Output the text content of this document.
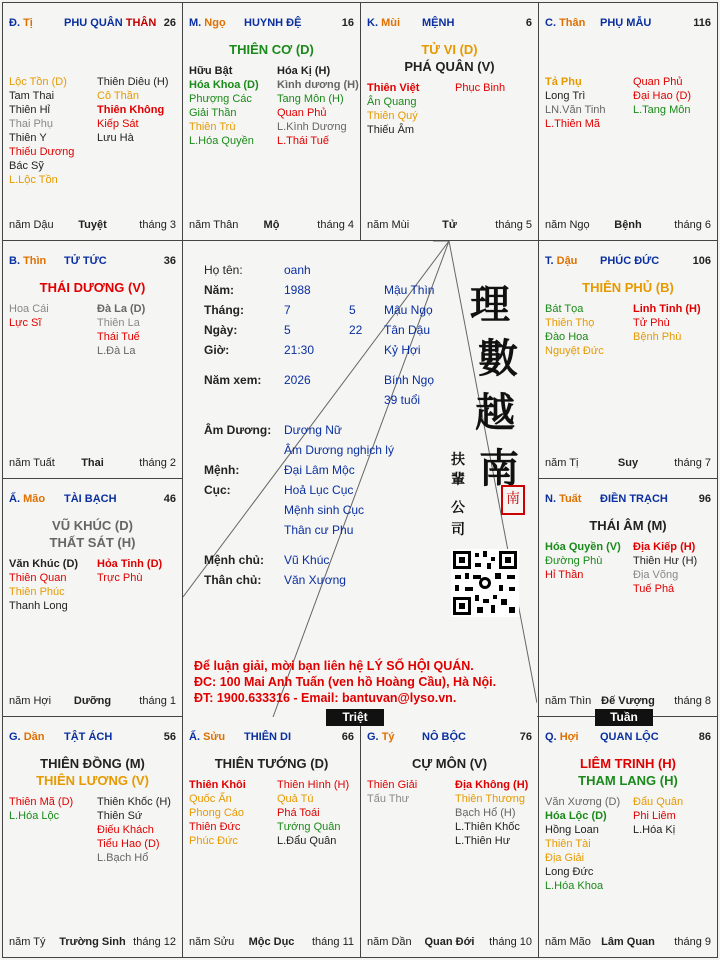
Đ. Tị	PHU QUÂN THÂN 26
Lộc Tồn (D)
Tam Thai
Thiên Hỉ
Thai Phụ
Thiên Y
Thiếu Dương
Bác Sỹ
L.Lộc Tồn
Thiên Diêu (H)
Cô Thần
Thiên Không
Kiếp Sát
Lưu Hà
năm Dậu	Tuyệt	tháng 3
M. Ngọ HUYNH ĐỆ	16
THIÊN CƠ (D)
Hữu Bật
Hóa Khoa (D)
Phượng Các
Giải Thần
Thiên Trù
L.Hóa Quyền
Hóa Kị (H)
Kình dương (H)
Tang Môn (H)
Quan Phủ
L.Kình Dương
L.Thái Tuế
năm Thân	Mộ	tháng 4
K. Mùi MỆNH	6
TỬ VI (D)
PHÁ QUÂN (V)
Thiên Việt
Ân Quang
Thiên Quý
Thiếu Âm
Phục Binh
năm Mùi	Tử	tháng 5
C. Thân PHỤ MẪU	116
Tả Phụ
Long Trì
LN.Văn Tinh
L.Thiên Mã
Quan Phủ
Đại Hao (D)
L.Tang Môn
năm Ngọ	Bệnh	tháng 6
B. Thìn TỬ TỨC	36
THÁI DƯƠNG (V)
Hoa Cái
Lực Sĩ
Đà La (D)
Thiên La
Thái Tuế
L.Đà La
năm Tuất	Thai	tháng 2
T. Dậu PHÚC ĐỨC	106
THIÊN PHỦ (B)
Bát Tọa
Thiên Thọ
Đào Hoa
Nguyệt Đức
Linh Tinh (H)
Tử Phù
Bệnh Phù
năm Tị	Suy	tháng 7
Ấ. Mão TÀI BẠCH	46
VŨ KHÚC (D)
THẤT SÁT (H)
Văn Khúc (D)
Thiên Quan
Thiên Phúc
Thanh Long
Hỏa Tinh (D)
Trực Phù
năm Hợi	Dưỡng	tháng 1
N. Tuất ĐIỀN TRẠCH	96
THÁI ÂM (M)
Hóa Quyền (V)
Đường Phù
Hỉ Thần
Địa Kiếp (H)
Thiên Hư (H)
Địa Võng
Tuế Phá
năm Thìn Đế Vượng	tháng 8
G. Dần TẬT ÁCH	56
THIÊN ĐỒNG (M)
THIÊN LƯƠNG (V)
Thiên Mã (D)
L.Hóa Lộc
Thiên Khốc (H)
Thiên Sứ
Điếu Khách
Tiểu Hao (D)
L.Bạch Hổ
năm Tý	Trường Sinh tháng 12
Ấ. Sửu THIÊN DI	66
THIÊN TƯỚNG (D)
Thiên Khôi
Quốc Ấn
Phong Cáo
Thiên Đức
Phúc Đức
Thiên Hình (H)
Quả Tú
Phá Toái
Tướng Quân
L.Đẩu Quân
năm Sửu	Mộc Dục	tháng 11
G. Tý NÔ BỘC	76
CỰ MÔN (V)
Thiên Giải
Tấu Thư
Địa Không (H)
Thiên Thương
Bạch Hổ (H)
L.Thiên Khốc
L.Thiên Hư
năm Dần	Quan Đới	tháng 10
Q. Hợi QUAN LỘC	86
LIÊM TRINH (H)
THAM LANG (H)
Văn Xương (D)
Hóa Lộc (D)
Hồng Loan
Thiên Tài
Địa Giải
Long Đức
L.Hóa Khoa
Đẩu Quân
Phi Liêm
L.Hóa Kị
năm Mão Lâm Quan	tháng 9
Họ tên:	oanh
Năm:	1988	Mậu Thìn
Tháng:	7	5 Mậu Ngọ
Ngày:	5	22 Tân Dậu
Giờ:	21:30	Kỷ Hợi
Năm xem: 2026	Bính Ngọ
39 tuổi
Âm Dương: Dương Nữ
Âm Dương nghịch lý
Mệnh:	Đại Lâm Mộc
Cục:	Hoả Lục Cục
Mệnh sinh Cục
Thân cư Phu
Mệnh chủ: Vũ Khúc
Thân chủ: Văn Xương
理
數
越
南
扶
輩
公
司
南
Để luận giải, mời bạn liên hệ LÝ SỐ HỘI QUÁN.
ĐC: 100 Mai Anh Tuấn (ven hồ Hoàng Cầu), Hà Nội.
ĐT: 1900.633316 - Email: bantuvan@lyso.vn.
Triệt	Tuần
